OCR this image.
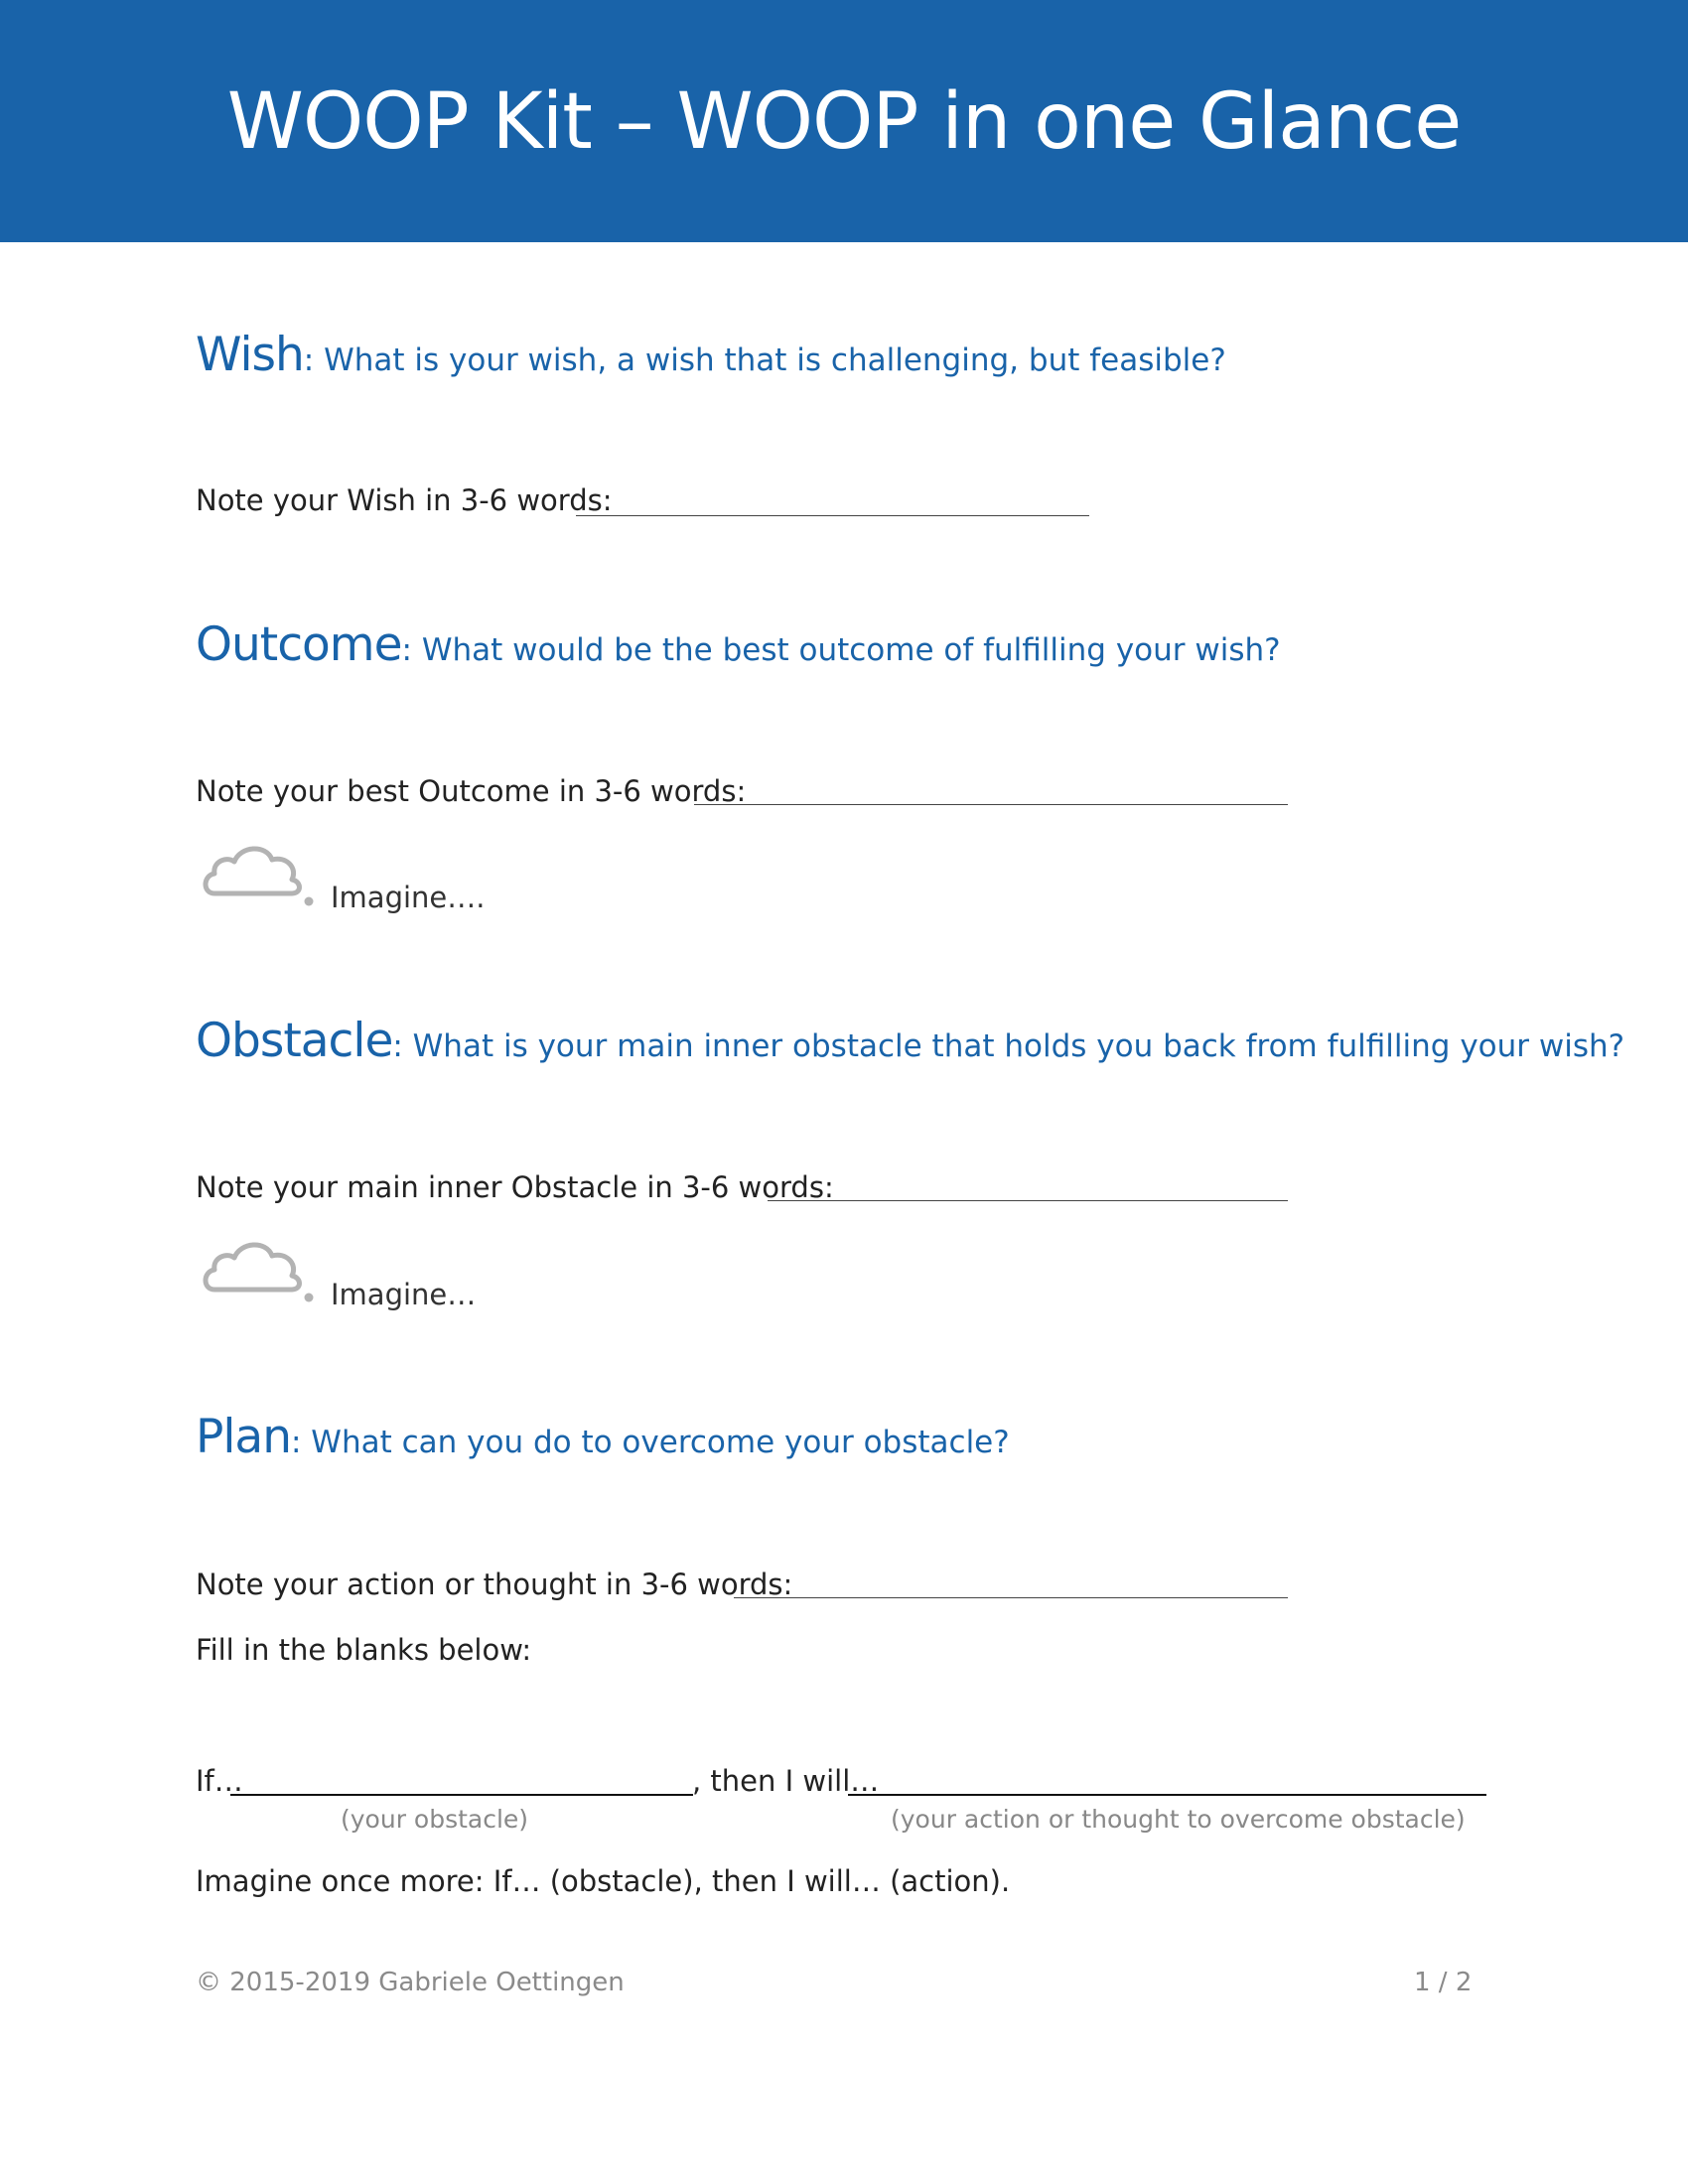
WOOP Kit – WOOP in one Glance
Wish: What is your wish, a wish that is challenging, but feasible?
Note your Wish in 3-6 words:
Outcome: What would be the best outcome of fulfilling your wish?
Note your best Outcome in 3-6 words:
Imagine….
Obstacle: What is your main inner obstacle that holds you back from fulfilling your wish?
Note your main inner Obstacle in 3-6 words:
Imagine…
Plan: What can you do to overcome your obstacle?
Note your action or thought in 3-6 words:
Fill in the blanks below:
If…	, then I will…
(your obstacle)	(your action or thought to overcome obstacle)
Imagine once more: If… (obstacle), then I will… (action).
© 2015-2019 Gabriele Oettingen	1 / 2
